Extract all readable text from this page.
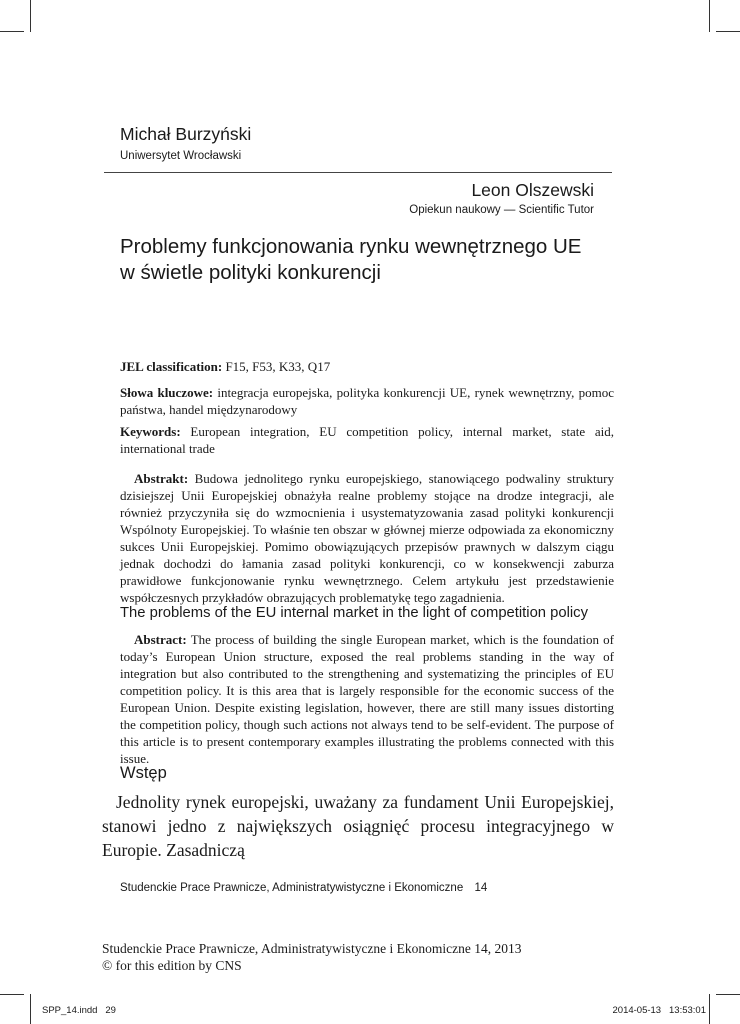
Michał Burzyński
Uniwersytet Wrocławski
Leon Olszewski
Opiekun naukowy — Scientific Tutor
Problemy funkcjonowania rynku wewnętrznego UE
w świetle polityki konkurencji
JEL classification: F15, F53, K33, Q17
Słowa kluczowe: integracja europejska, polityka konkurencji UE, rynek wewnętrzny, pomoc państwa, handel międzynarodowy
Keywords: European integration, EU competition policy, internal market, state aid, international trade
Abstrakt: Budowa jednolitego rynku europejskiego, stanowiącego podwaliny struktury dzisiejszej Unii Europejskiej obnażyła realne problemy stojące na drodze integracji, ale również przyczyniła się do wzmocnienia i usystematyzowania zasad polityki konkurencji Wspólnoty Europejskiej. To właśnie ten obszar w głównej mierze odpowiada za ekonomiczny sukces Unii Europejskiej. Pomimo obowiązujących przepisów prawnych w dalszym ciągu jednak dochodzi do łamania zasad polityki konkurencji, co w konsekwencji zaburza prawidłowe funkcjonowanie rynku wewnętrznego. Celem artykułu jest przedstawienie współczesnych przykładów obrazujących problematykę tego zagadnienia.
The problems of the EU internal market in the light of competition policy
Abstract: The process of building the single European market, which is the foundation of today’s European Union structure, exposed the real problems standing in the way of integration but also contributed to the strengthening and systematizing the principles of EU competition policy. It is this area that is largely responsible for the economic success of the European Union. Despite existing legislation, however, there are still many issues distorting the competition policy, though such actions not always tend to be self-evident. The purpose of this article is to present contemporary examples illustrating the problems connected with this issue.
Wstęp
Jednolity rynek europejski, uważany za fundament Unii Europejskiej, stanowi jedno z największych osiągnięć procesu integracyjnego w Europie. Zasadniczą
Studenckie Prace Prawnicze, Administratywistyczne i Ekonomiczne 14
Studenckie Prace Prawnicze, Administratywistyczne i Ekonomiczne 14, 2013
© for this edition by CNS
SPP_14.indd   29	2014-05-13   13:53:01
